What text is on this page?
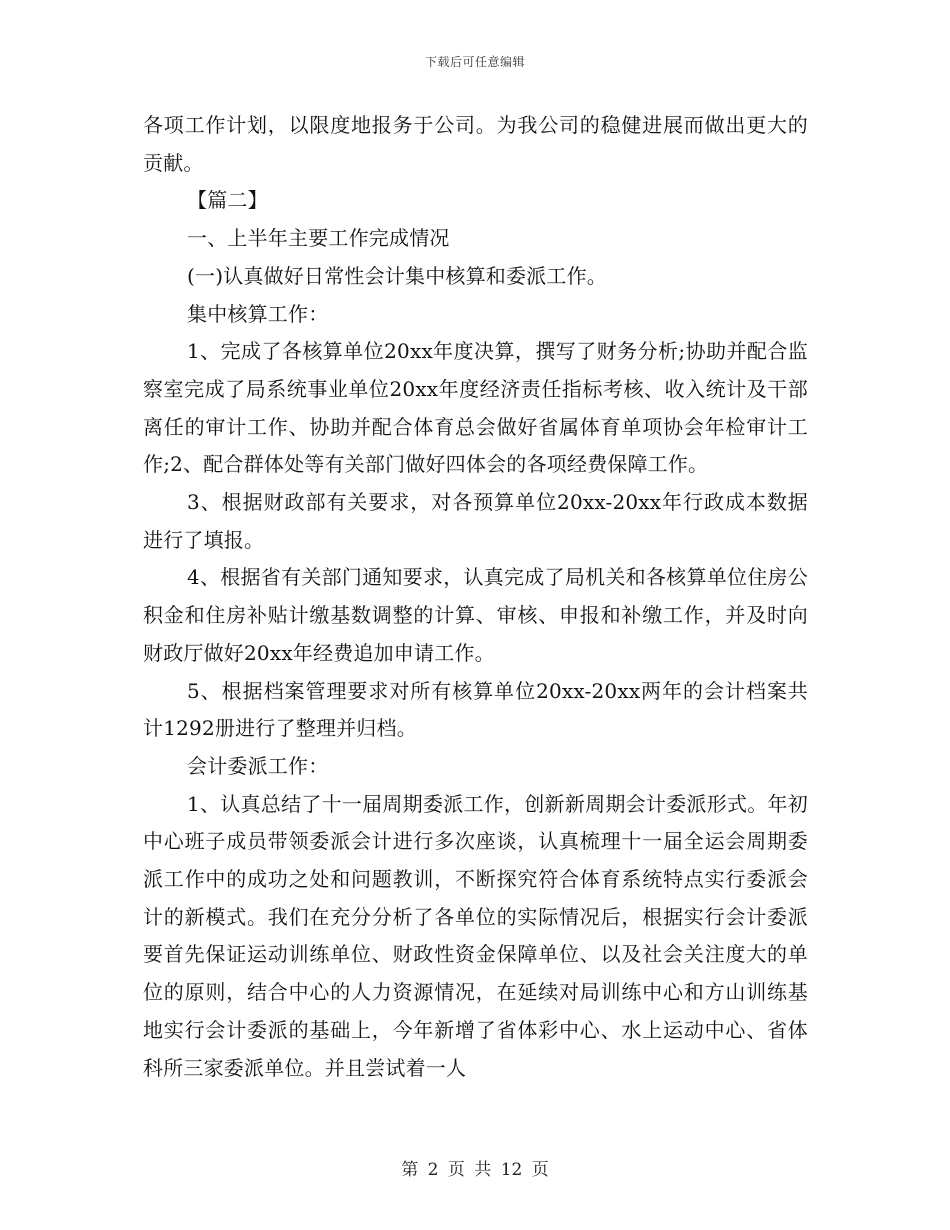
下载后可任意编辑

各项工作计划，以限度地报务于公司。为我公司的稳健进展而做出更大的贡献。

【篇二】

一、上半年主要工作完成情况

(一)认真做好日常性会计集中核算和委派工作。

集中核算工作：

1、完成了各核算单位20xx年度决算，撰写了财务分析;协助并配合监察室完成了局系统事业单位20xx年度经济责任指标考核、收入统计及干部离任的审计工作、协助并配合体育总会做好省属体育单项协会年检审计工作;2、配合群体处等有关部门做好四体会的各项经费保障工作。

3、根据财政部有关要求，对各预算单位20xx-20xx年行政成本数据进行了填报。

4、根据省有关部门通知要求，认真完成了局机关和各核算单位住房公积金和住房补贴计缴基数调整的计算、审核、申报和补缴工作，并及时向财政厅做好20xx年经费追加申请工作。

5、根据档案管理要求对所有核算单位20xx-20xx两年的会计档案共计1292册进行了整理并归档。

会计委派工作：

1、认真总结了十一届周期委派工作，创新新周期会计委派形式。年初中心班子成员带领委派会计进行多次座谈，认真梳理十一届全运会周期委派工作中的成功之处和问题教训，不断探究符合体育系统特点实行委派会计的新模式。我们在充分分析了各单位的实际情况后，根据实行会计委派要首先保证运动训练单位、财政性资金保障单位、以及社会关注度大的单位的原则，结合中心的人力资源情况，在延续对局训练中心和方山训练基地实行会计委派的基础上，今年新增了省体彩中心、水上运动中心、省体科所三家委派单位。并且尝试着一人

第 2 页 共 12 页
